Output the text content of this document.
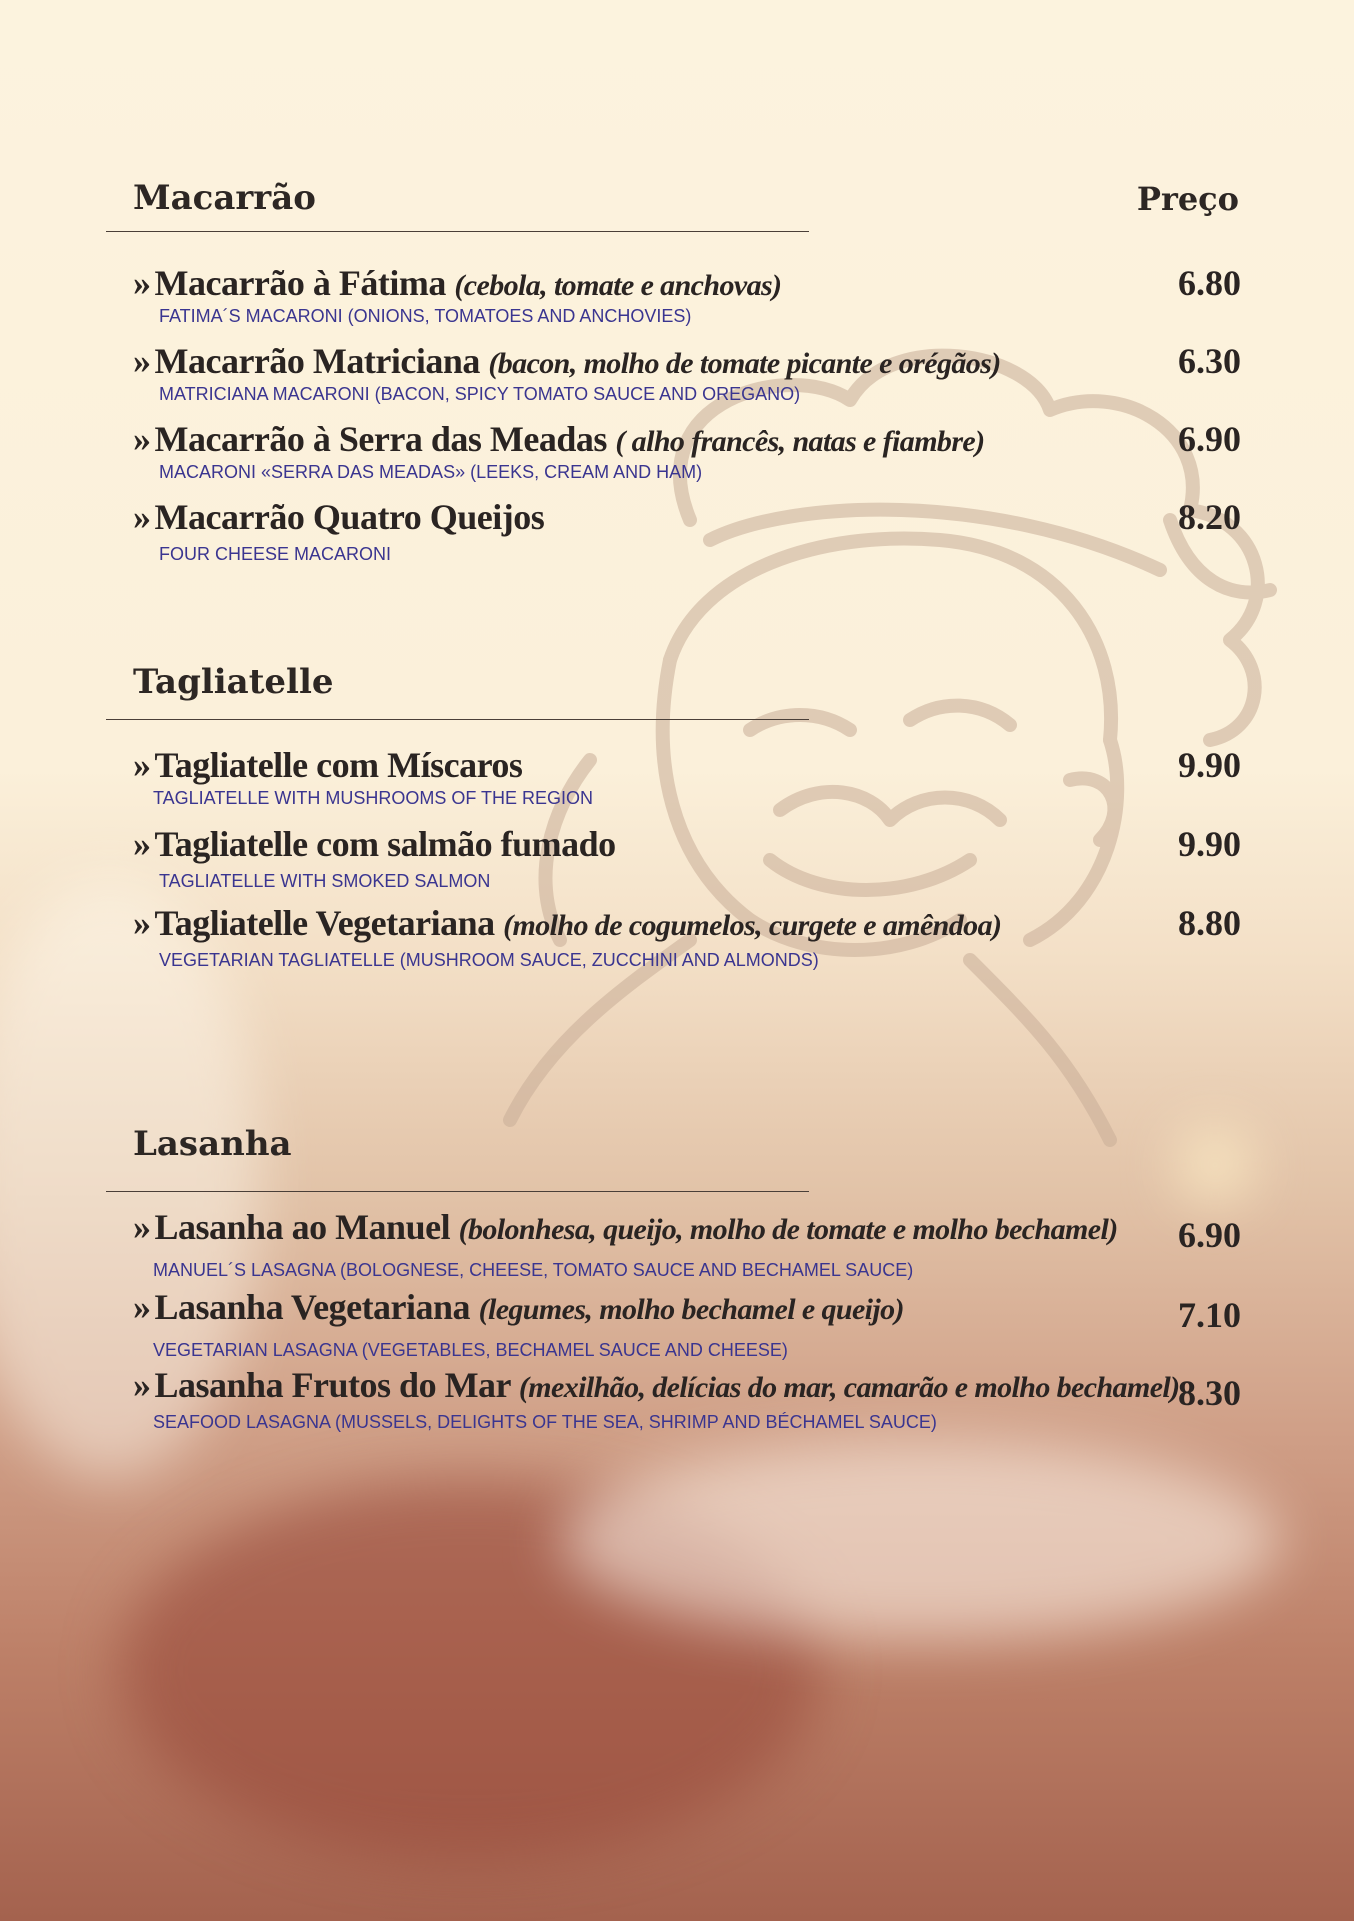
Preço
Macarrão
» Macarrão à Fátima (cebola, tomate e anchovas)
FATIMA´S MACARONI (ONIONS, TOMATOES AND ANCHOVIES)
6.80
» Macarrão Matriciana (bacon, molho de tomate picante e orégãos)
MATRICIANA MACARONI (BACON, SPICY TOMATO SAUCE AND OREGANO)
6.30
» Macarrão à Serra das Meadas ( alho francês, natas e fiambre)
MACARONI «SERRA DAS MEADAS» (LEEKS, CREAM AND HAM)
6.90
» Macarrão Quatro Queijos
FOUR CHEESE MACARONI
8.20
Tagliatelle
» Tagliatelle com Míscaros
TAGLIATELLE WITH MUSHROOMS OF THE REGION
9.90
» Tagliatelle com salmão fumado
TAGLIATELLE WITH SMOKED SALMON
9.90
» Tagliatelle Vegetariana (molho de cogumelos, curgete e amêndoa)
VEGETARIAN TAGLIATELLE (MUSHROOM SAUCE, ZUCCHINI AND ALMONDS)
8.80
Lasanha
» Lasanha ao Manuel (bolonhesa, queijo, molho de tomate e molho bechamel)
MANUEL´S LASAGNA (BOLOGNESE, CHEESE, TOMATO SAUCE AND BECHAMEL SAUCE)
6.90
» Lasanha Vegetariana (legumes, molho bechamel e queijo)
VEGETARIAN LASAGNA (VEGETABLES, BECHAMEL SAUCE AND CHEESE)
7.10
» Lasanha Frutos do Mar (mexilhão, delícias do mar, camarão e molho bechamel)
SEAFOOD LASAGNA (MUSSELS, DELIGHTS OF THE SEA, SHRIMP AND BÉCHAMEL SAUCE)
8.30
